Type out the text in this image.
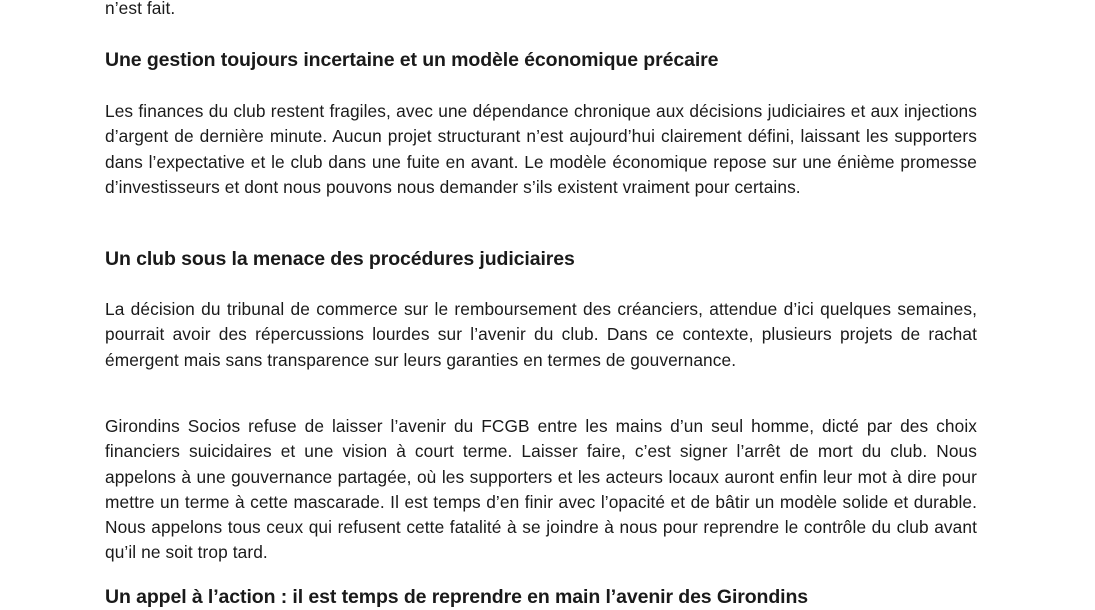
n’est fait.

Une gestion toujours incertaine et un modèle économique précaire

Les finances du club restent fragiles, avec une dépendance chronique aux décisions judiciaires et aux injections d’argent de dernière minute. Aucun projet structurant n’est aujourd’hui clairement défini, laissant les supporters dans l’expectative et le club dans une fuite en avant. Le modèle économique repose sur une énième promesse d’investisseurs et dont nous pouvons nous demander s’ils existent vraiment pour certains.

Un club sous la menace des procédures judiciaires

La décision du tribunal de commerce sur le remboursement des créanciers, attendue d’ici quelques semaines, pourrait avoir des répercussions lourdes sur l’avenir du club. Dans ce contexte, plusieurs projets de rachat émergent mais sans transparence sur leurs garanties en termes de gouvernance.

Girondins Socios refuse de laisser l’avenir du FCGB entre les mains d’un seul homme, dicté par des choix financiers suicidaires et une vision à court terme. Laisser faire, c’est signer l’arrêt de mort du club. Nous appelons à une gouvernance partagée, où les supporters et les acteurs locaux auront enfin leur mot à dire pour mettre un terme à cette mascarade. Il est temps d’en finir avec l’opacité et de bâtir un modèle solide et durable. Nous appelons tous ceux qui refusent cette fatalité à se joindre à nous pour reprendre le contrôle du club avant qu’il ne soit trop tard.

Un appel à l’action : il est temps de reprendre en main l’avenir des Girondins
